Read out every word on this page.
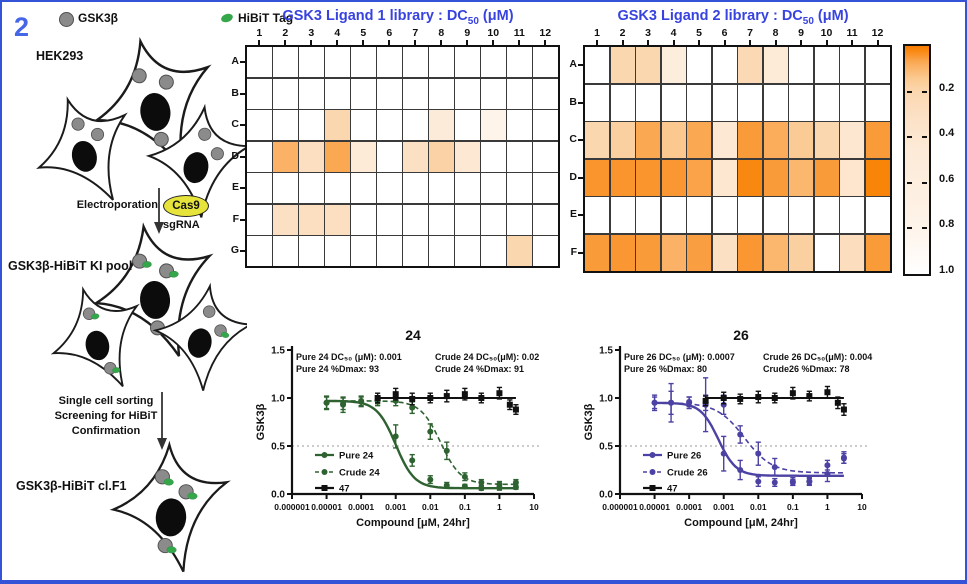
2	GSK3β	HiBiT Tag
HEK293
Electroporation Cas9
sgRNA
GSK3β-HiBiT KI pool
Single cell sorting
Screening for HiBiT
Confirmation
GSK3β-HiBiT cl.F1
GSK3 Ligand 1 library : $DC_{50}$ (μM)
1	2	3	4	5	6	7	8	9	10	11	12
A
B
C
D
E
F
G
GSK3 Ligand 2 library : $DC_{50}$ (μM)
1	2	3	4	5	6	7	8	9	10	11	12
A
B
C
D
E
F
0.2
0.4
0.6
0.8
1.0
0.0
0.5
1.0
1.5
0.000001 0.00001 0.0001 0.001 0.01 0.1	1	10
Compound [μM, 24hr]
GSK3β
24
Pure 24 DC₅₀ (μM): 0.001
Pure 24 %Dmax: 93
Crude 24 DC₅₀(μM): 0.02
Crude 24 %Dmax: 91
Pure 24
Crude 24
47
0.0
0.5
1.0
1.5
0.000001 0.00001 0.0001 0.001 0.01 0.1	1	10
Compound [μM, 24hr]
GSK3β
26
Pure 26 DC₅₀ (μM): 0.0007
Pure 26 %Dmax: 80
Crude 26 DC₅₀(μM): 0.004
Crude26 %Dmax: 78
Pure 26
Crude 26
47
